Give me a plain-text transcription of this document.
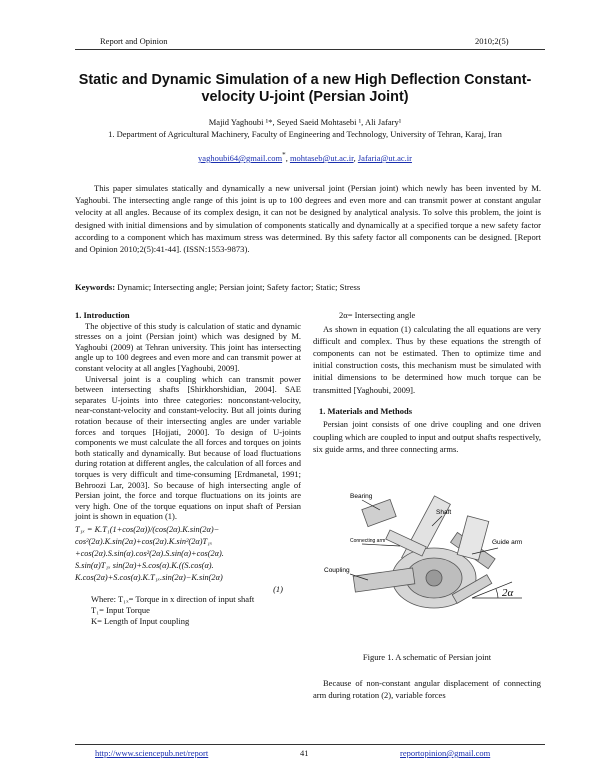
Report and Opinion	2010;2(5)
Static and Dynamic Simulation of a new High Deflection Constant-velocity U-joint (Persian Joint)
Majid Yaghoubi ¹*, Seyed Saeid Mohtasebi ¹, Ali Jafary¹
1. Department of Agricultural Machinery, Faculty of Engineering and Technology, University of Tehran, Karaj, Iran
yaghoubi64@gmail.com*, mohtaseb@ut.ac.ir, Jafaria@ut.ac.ir
This paper simulates statically and dynamically a new universal joint (Persian joint) which newly has been invented by M. Yaghoubi. The intersecting angle range of this joint is up to 100 degrees and even more and can transmit power at constant angular velocity at all angles. Because of its complex design, it can not be designed by analytical analysis. To solve this problem, the joint is designed with initial dimensions and by simulation of components statically and dynamically at a specified torque a new safety factor according to a component which has maximum stress was determined. By this safety factor all components can be designed. [Report and Opinion 2010;2(5):41-44]. (ISSN:1553-9873).
Keywords: Dynamic; Intersecting angle; Persian joint; Safety factor; Static; Stress

1. Introduction

The objective of this study is calculation of static and dynamic stresses on a joint (Persian joint) which was designed by M. Yaghoubi (2009) at Tehran university. This joint has intersecting angle up to 100 degrees and even more and can transmit power at constant velocity at all angles [Yaghoubi, 2009].

Universal joint is a coupling which can transmit power between intersecting shafts [Shirkhorshidian, 2004]. SAE separates U-joints into three categories: nonconstant-velocity, near-constant-velocity and constant-velocity. But all joints during rotation because of their intersecting angles are under variable forces and torques [Hojjati, 2000]. To design of U-joints components we must calculate the all forces and torques on joints both statically and dynamically. But because of load fluctuations during rotation at different angles, the calculation of all forces and torques is very difficult and time-consuming [Erdmanetal, 1991; Behroozi Lar, 2003]. So because of high intersecting angle of Persian joint, the force and torque fluctuations on its joints are very high. One of the torque equations on input shaft of Persian joint is shown in equation (1).

T₁ₓ = K.T₁(1+cos(2α))/(cos(2α).K.sin(2α)−
cos²(2α).K.sin(2α)+cos(2α).K.sin²(2α)T₁ₓ
+cos(2α).S.sin(α).cos²(2α).S.sin(α)+cos(2α).
S.sin(α)T₁ₓ sin(2α)+S.cos(α).K.((S.cos(α).
K.cos(2α)+S.cos(α).K.T₁ₓ.sin(2α)−K.sin(2α)
(1)
Where: T₁ₓ= Torque in x direction of input shaft
T₁= Input Torque
K= Length of Input coupling

2α= Intersecting angle

As shown in equation (1) calculating the all equations are very difficult and complex. Thus by these equations the strength of components can not be estimated. Then to optimize time and initial construction costs, this mechanism must be simulated with initial dimensions to be determined how much torque can be transmitted [Yaghoubi, 2009].

1. Materials and Methods

Persian joint consists of one drive coupling and one driven coupling which are coupled to input and output shafts respectively, six guide arms, and three connecting arms.

Bearing
Shaft
Connecting arm	Guide arm
Coupling
2α
Figure 1. A schematic of Persian joint

Because of non-constant angular displacement of connecting arm during rotation (2), variable forces

http://www.sciencepub.net/report	41	reportopinion@gmail.com
